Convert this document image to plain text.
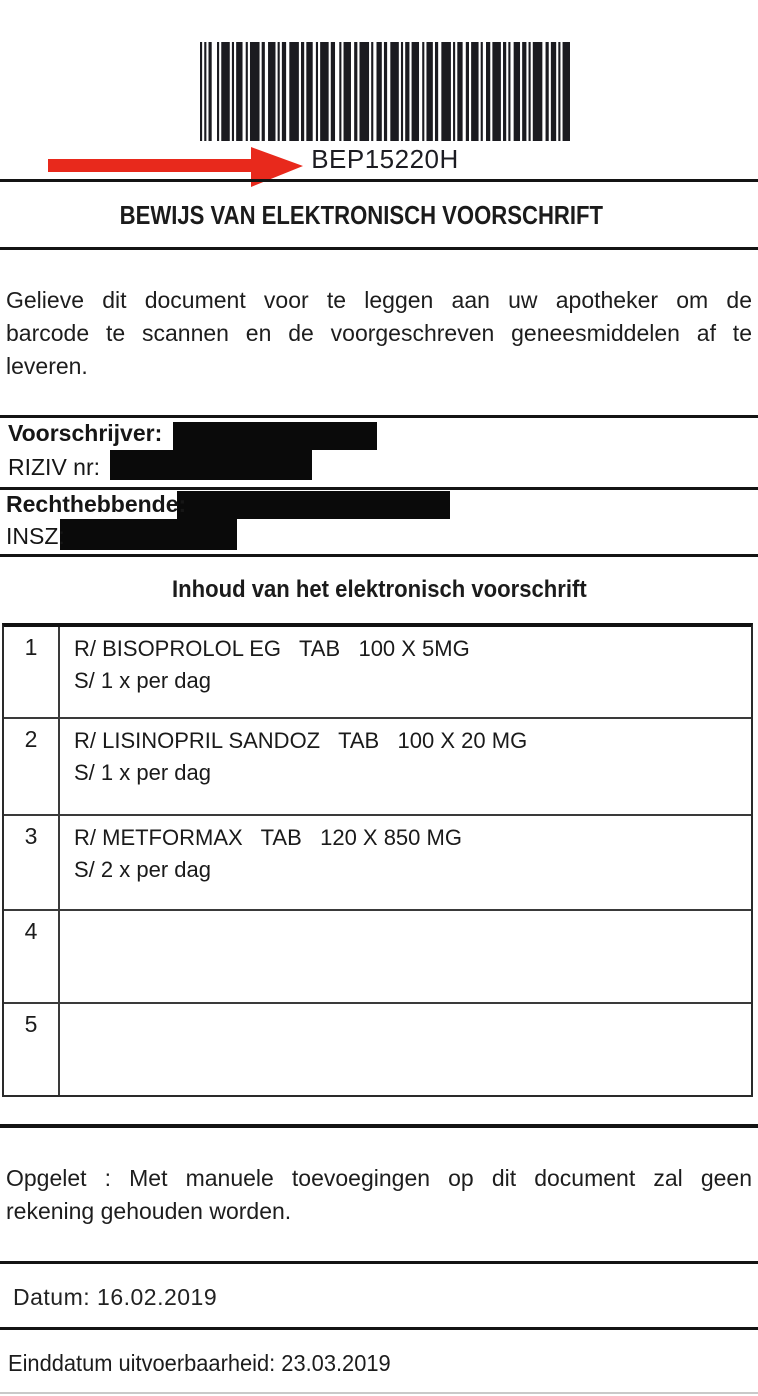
BEP15220H
BEWIJS VAN ELEKTRONISCH VOORSCHRIFT
Gelieve dit document voor te leggen aan uw apotheker om de
barcode te scannen en de voorgeschreven geneesmiddelen af te
leveren.
Voorschrijver:
RIZIV nr:
Rechthebbende:
INSZ:
Inhoud van het elektronisch voorschrift
1	R/ BISOPROLOL EG   TAB   100 X 5MG
S/ 1 x per dag
2	R/ LISINOPRIL SANDOZ   TAB   100 X 20 MG
S/ 1 x per dag
3	R/ METFORMAX   TAB   120 X 850 MG
S/ 2 x per dag
4
5
Opgelet : Met manuele toevoegingen op dit document zal geen
rekening gehouden worden.
Datum: 16.02.2019
Einddatum uitvoerbaarheid: 23.03.2019
